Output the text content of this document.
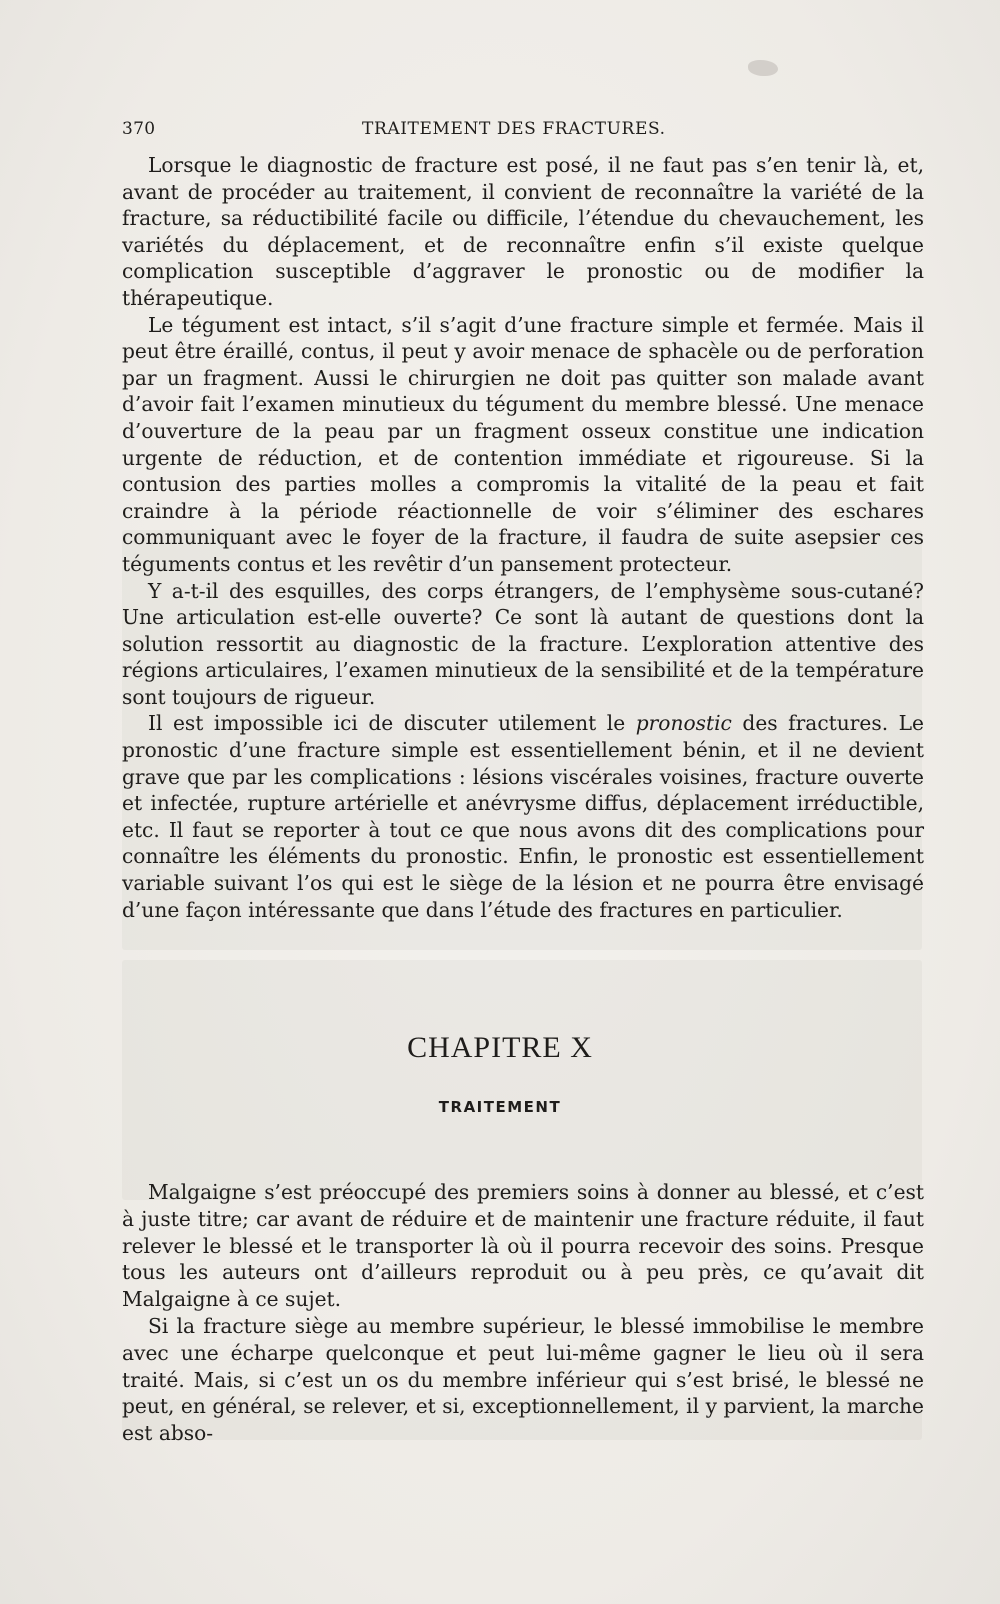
370	TRAITEMENT DES FRACTURES.

Lorsque le diagnostic de fracture est posé, il ne faut pas s’en tenir là, et, avant de procéder au traitement, il convient de reconnaître la variété de la fracture, sa réductibilité facile ou difficile, l’étendue du chevauchement, les variétés du déplacement, et de reconnaître enfin s’il existe quelque complication susceptible d’aggraver le pronostic ou de modifier la thérapeutique.

Le tégument est intact, s’il s’agit d’une fracture simple et fermée. Mais il peut être éraillé, contus, il peut y avoir menace de sphacèle ou de perforation par un fragment. Aussi le chirurgien ne doit pas quitter son malade avant d’avoir fait l’examen minutieux du tégument du membre blessé. Une menace d’ouverture de la peau par un fragment osseux constitue une indication urgente de réduction, et de contention immédiate et rigoureuse. Si la contusion des parties molles a compromis la vitalité de la peau et fait craindre à la période réactionnelle de voir s’éliminer des eschares communiquant avec le foyer de la fracture, il faudra de suite asepsier ces téguments contus et les revêtir d’un pansement protecteur.

Y a-t-il des esquilles, des corps étrangers, de l’emphysème sous-cutané? Une articulation est-elle ouverte? Ce sont là autant de questions dont la solution ressortit au diagnostic de la fracture. L’exploration attentive des régions articulaires, l’examen minutieux de la sensibilité et de la température sont toujours de rigueur.

Il est impossible ici de discuter utilement le pronostic des fractures. Le pronostic d’une fracture simple est essentiellement bénin, et il ne devient grave que par les complications : lésions viscérales voisines, fracture ouverte et infectée, rupture artérielle et anévrysme diffus, déplacement irréductible, etc. Il faut se reporter à tout ce que nous avons dit des complications pour connaître les éléments du pronostic. Enfin, le pronostic est essentiellement variable suivant l’os qui est le siège de la lésion et ne pourra être envisagé d’une façon intéressante que dans l’étude des fractures en particulier.

CHAPITRE X
TRAITEMENT

Malgaigne s’est préoccupé des premiers soins à donner au blessé, et c’est à juste titre; car avant de réduire et de maintenir une fracture réduite, il faut relever le blessé et le transporter là où il pourra recevoir des soins. Presque tous les auteurs ont d’ailleurs reproduit ou à peu près, ce qu’avait dit Malgaigne à ce sujet.

Si la fracture siège au membre supérieur, le blessé immobilise le membre avec une écharpe quelconque et peut lui-même gagner le lieu où il sera traité. Mais, si c’est un os du membre inférieur qui s’est brisé, le blessé ne peut, en général, se relever, et si, exceptionnellement, il y parvient, la marche est abso-
